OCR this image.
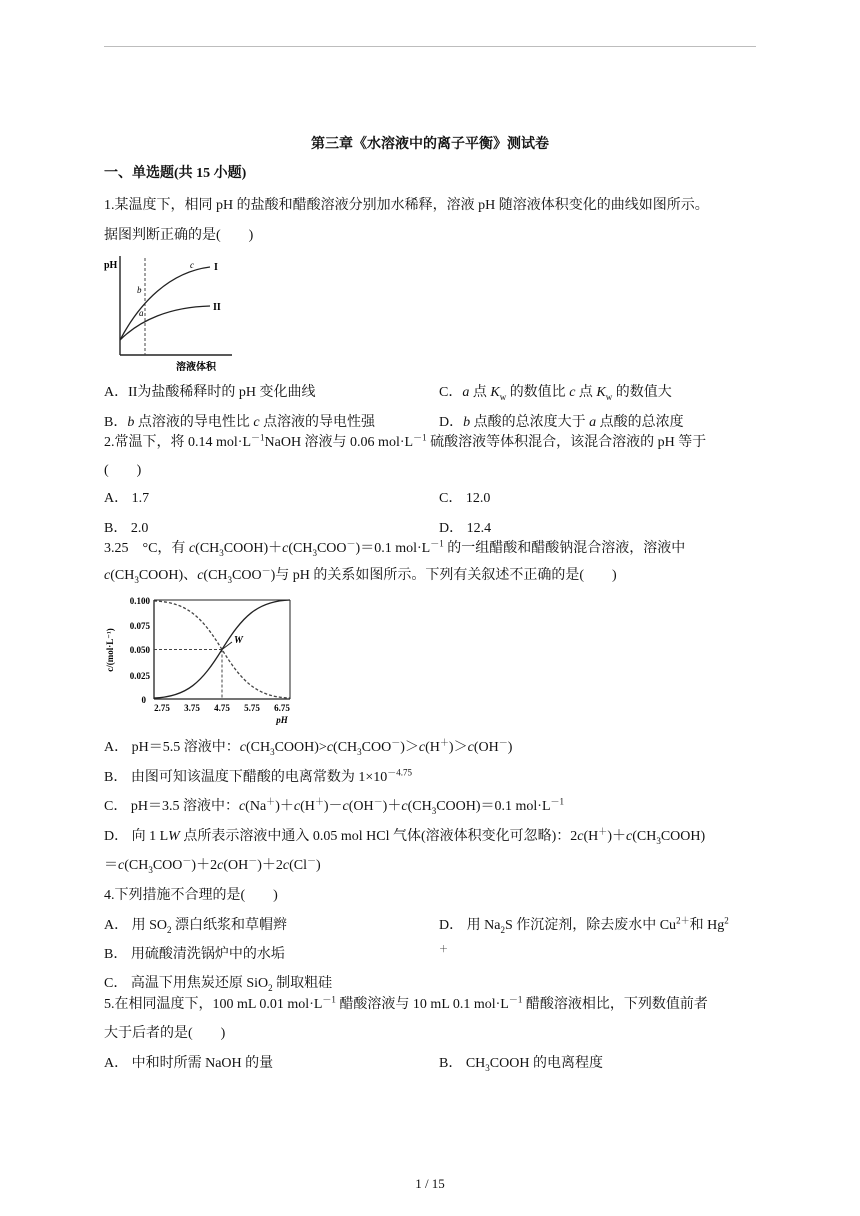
第三章《水溶液中的离子平衡》测试卷
一、单选题(共 15 小题)
1.某温度下，相同 pH 的盐酸和醋酸溶液分别加水稀释，溶液 pH 随溶液体积变化的曲线如图所示。
据图判断正确的是(　　)
pH	I
II
a
b
c
溶液体积
A．II为盐酸稀释时的 pH 变化曲线	C．a 点 $K_w$ 的数值比 c 点 $K_w$ 的数值大
B．b 点溶液的导电性比 c 点溶液的导电性强	D．b 点酸的总浓度大于 a 点酸的总浓度
2.常温下，将 0.14 $mol\cdot L^{-1}NaOH$ 溶液与 0.06 $mol\cdot L^{-1}$ 硫酸溶液等体积混合，该混合溶液的 pH 等于
(　　)
A． 1.7	C． 12.0
B． 2.0	D． 12.4
3.25　°C，有 $c(CH_3COOH)+c(CH_3COO^-)=0.1$ $mol\cdot L^{-1}$ 的一组醋酸和醋酸钠混合溶液，溶液中
$c(CH_3COOH)$、$c(CH_3COO^-)$与 pH 的关系如图所示。下列有关叙述不正确的是(　　)
W
0
0.025
0.050
0.075
0.100
c/(mol·L⁻¹)
2.75 3.75 4.75 5.75 6.75
pH
A． pH＝5.5 溶液中：$c(CH_3COOH)>c(CH_3COO^-)>c(H^+)>c(OH^-)$
B． 由图可知该温度下醋酸的电离常数为 $1\times 10^{-4.75}$
C． pH＝3.5 溶液中：$c(Na^+)+c(H^+)-c(OH^-)+c(CH_3COOH)=0.1$ $mol\cdot L^{-1}$
D． 向 1 LW 点所表示溶液中通入 0.05 mol HCl 气体(溶液体积变化可忽略)：$2c(H^+)+c(CH_3COOH)$
$=c(CH_3COO^-)+2c(OH^-)+2c(Cl^-)$
4.下列措施不合理的是(　　)
A． 用 $SO_2$ 漂白纸浆和草帽辫	D． 用 $Na_2S$ 作沉淀剂，除去废水中 $Cu^{2+}$和 Hg$^2$
B． 用硫酸清洗锅炉中的水垢	＋
C． 高温下用焦炭还原 SiO$_2$ 制取粗硅
5.在相同温度下，100 mL 0.01 $mol\cdot L^{-1}$ 醋酸溶液与 10 mL 0.1 $mol\cdot L^{-1}$ 醋酸溶液相比，下列数值前者
大于后者的是(　　)
A． 中和时所需 NaOH 的量	B． $CH_3COOH$ 的电离程度
1 / 15
